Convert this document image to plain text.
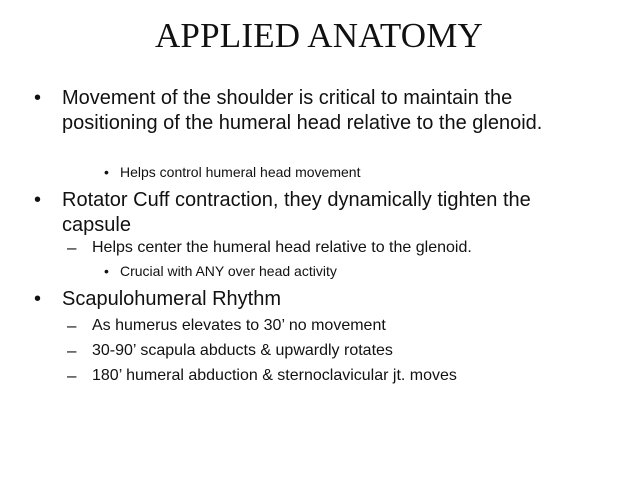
APPLIED ANATOMY
• Movement of the shoulder is critical to maintain the positioning of the humeral head relative to the glenoid.
• Helps control humeral head movement
• Rotator Cuff contraction, they dynamically tighten the capsule
– Helps center the humeral head relative to the glenoid.
• Crucial with ANY over head activity
• Scapulohumeral Rhythm
– As humerus elevates to 30’ no movement
– 30-90’ scapula abducts & upwardly rotates
– 180’ humeral abduction & sternoclavicular jt. moves
